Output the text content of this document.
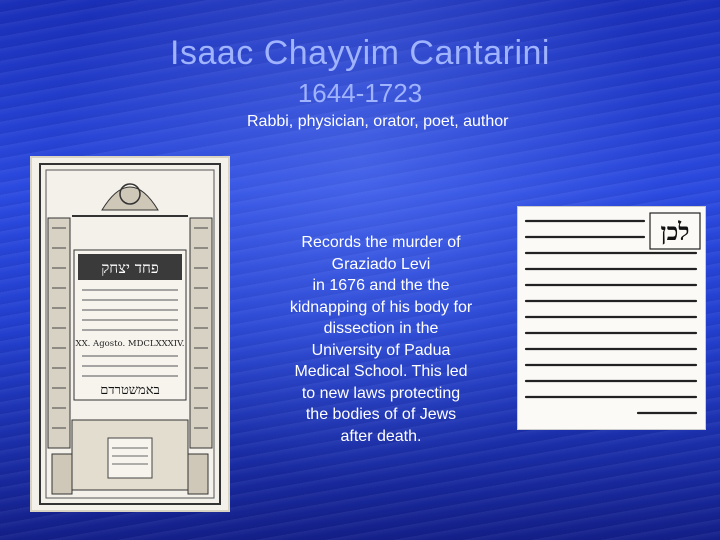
Isaac Chayyim Cantarini
1644-1723
Rabbi, physician, orator, poet, author
פחד יצחק
XX. Agosto. MDCLXXXIV.
באמשטרדם
Records the murder of
Graziado Levi
in 1676 and the the
kidnapping of his body for
dissection in the
University of Padua
Medical School. This led
to new laws protecting
the bodies of of Jews
after death.
לכן
